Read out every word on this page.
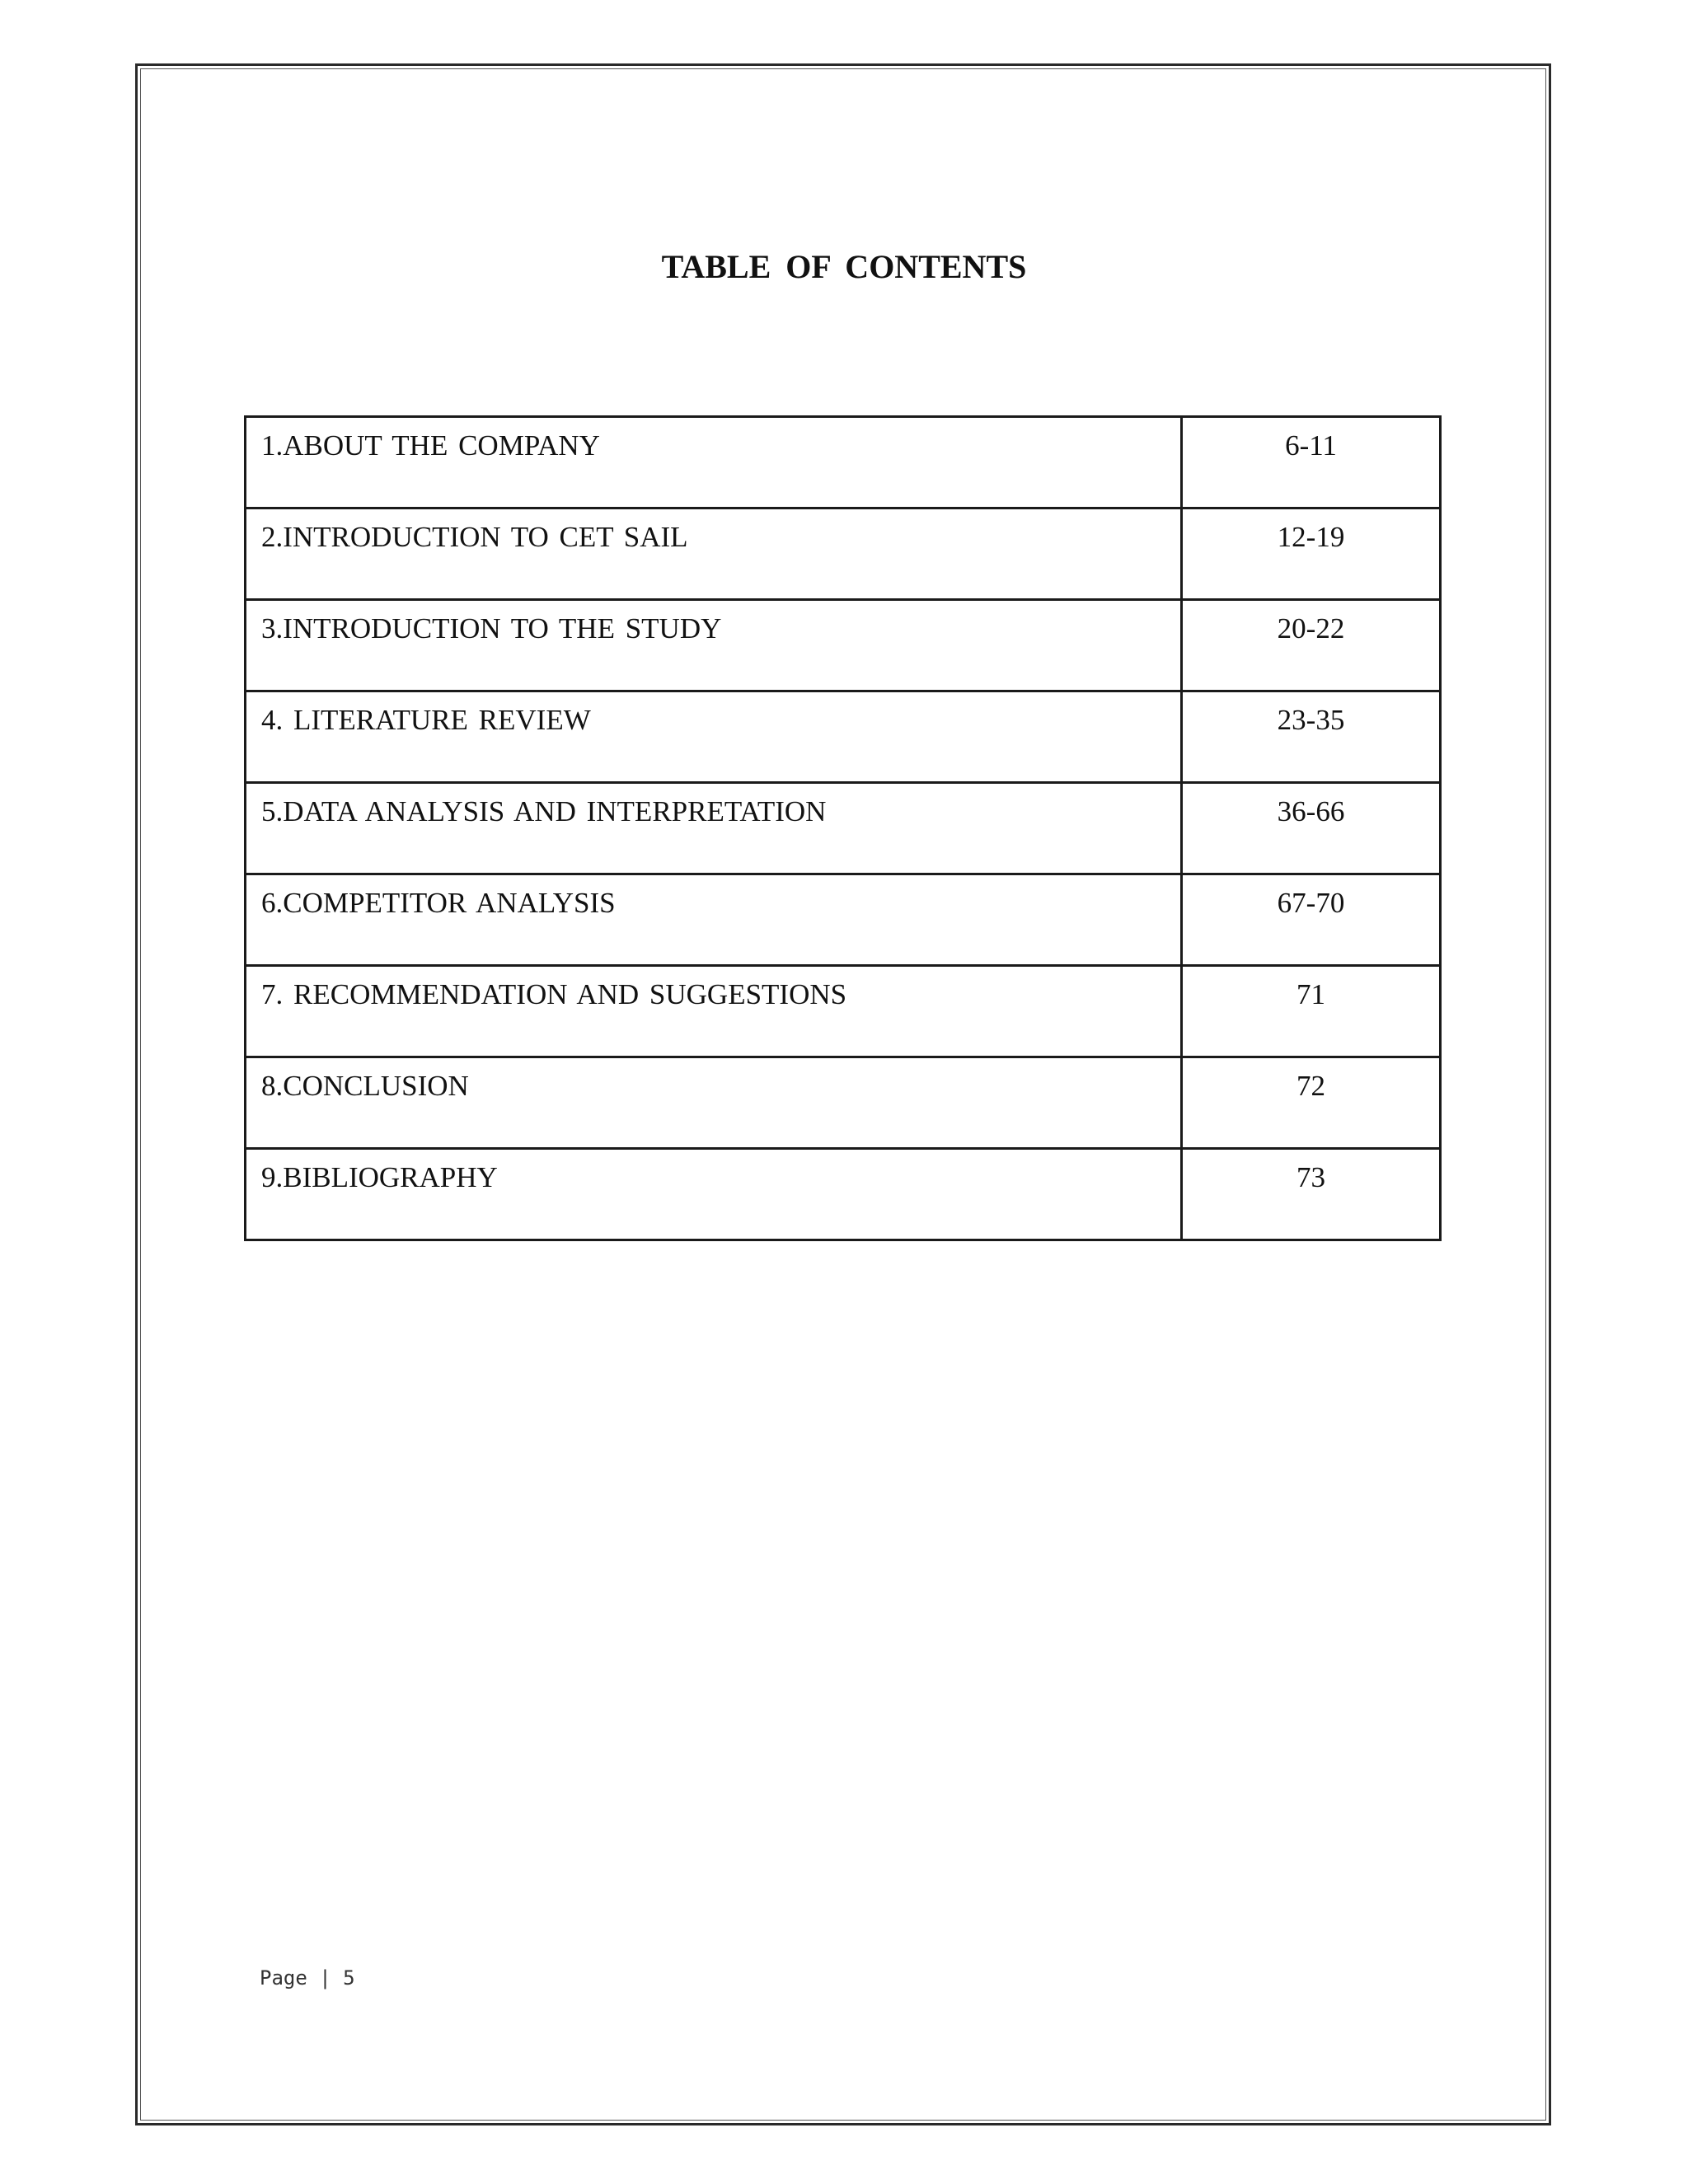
TABLE OF CONTENTS
1.ABOUT THE COMPANY	6-11
2.INTRODUCTION TO CET SAIL	12-19
3.INTRODUCTION TO THE STUDY	20-22
4. LITERATURE REVIEW	23-35
5.DATA ANALYSIS AND INTERPRETATION	36-66
6.COMPETITOR ANALYSIS	67-70
7. RECOMMENDATION AND SUGGESTIONS	71
8.CONCLUSION	72
9.BIBLIOGRAPHY	73
Page | 5
